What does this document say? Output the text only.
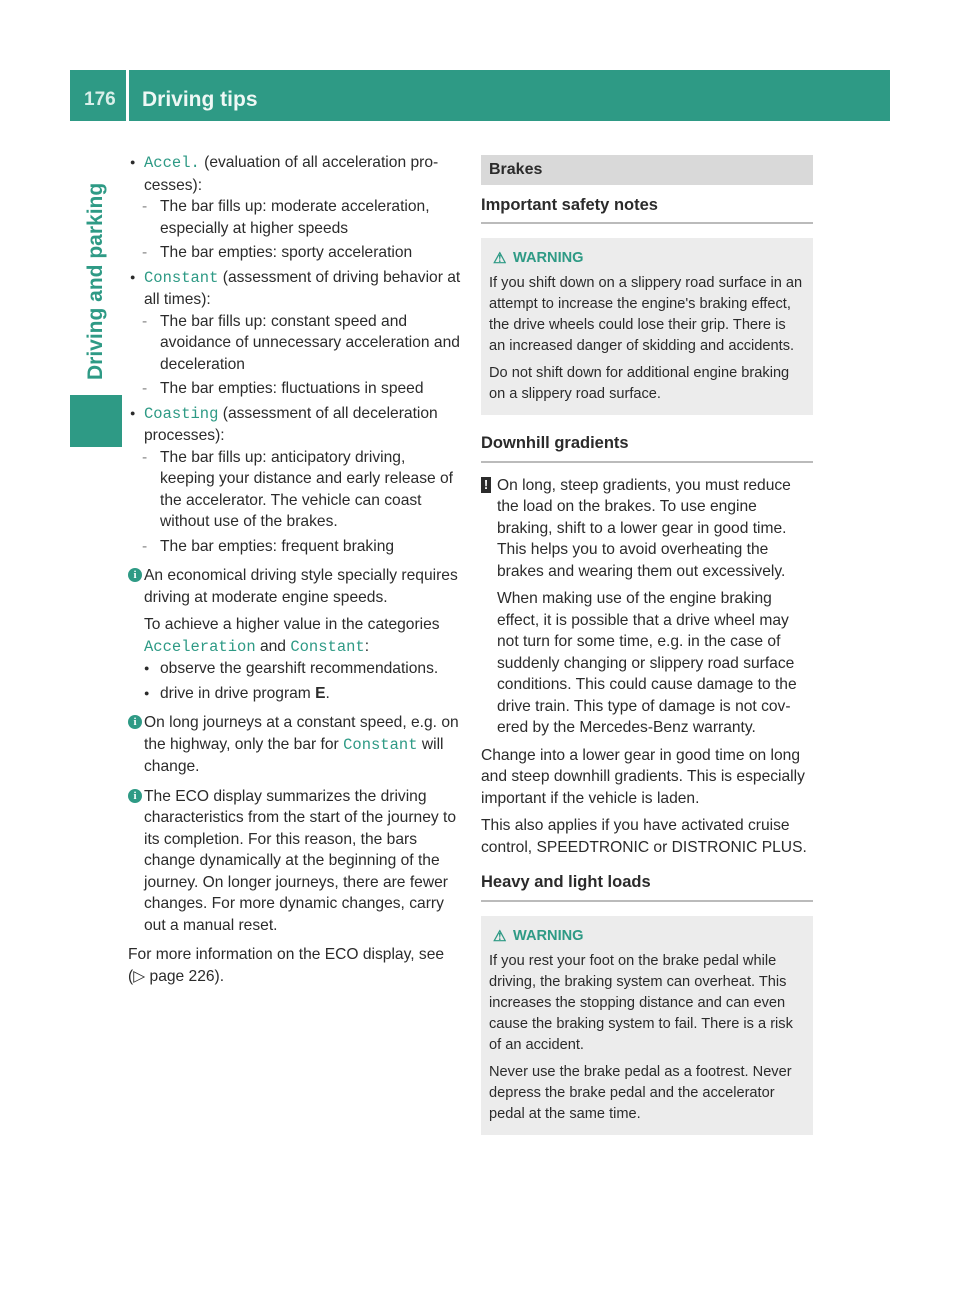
176 Driving tips
Driving and parking
● Accel. (evaluation of all acceleration pro cesses):
- The bar fills up: moderate acceleration, especially at higher speeds
- The bar empties: sporty acceleration
● Constant (assessment of driving behavior at all times):
- The bar fills up: constant speed and avoidance of unnecessary acceleration and deceleration
- The bar empties: fluctuations in speed
● Coasting (assessment of all deceleration processes):
- The bar fills up: anticipatory driving, keeping your distance and early release of the accelerator. The vehicle can coast without use of the brakes.
- The bar empties: frequent braking
i An economical driving style specially requires driving at moderate engine speeds.
To achieve a higher value in the categories Acceleration and Constant:
● observe the gearshift recommendations.
● drive in drive program E.
i On long journeys at a constant speed, e.g. on the highway, only the bar for Constant will change.
i The ECO display summarizes the driving characteristics from the start of the journey to its completion. For this reason, the bars change dynamically at the beginning of the journey. On longer journeys, there are fewer changes. For more dynamic changes, carry out a manual reset.
For more information on the ECO display, see (▷ page 226).
Brakes
Important safety notes
⚠ WARNING
If you shift down on a slippery road surface in an attempt to increase the engine's braking effect, the drive wheels could lose their grip. There is an increased danger of skidding and accidents.
Do not shift down for additional engine braking on a slippery road surface.
Downhill gradients
! On long, steep gradients, you must reduce the load on the brakes. To use engine braking, shift to a lower gear in good time. This helps you to avoid overheating the brakes and wearing them out excessively.
When making use of the engine braking effect, it is possible that a drive wheel may not turn for some time, e.g. in the case of suddenly changing or slippery road surface conditions. This could cause damage to the drive train. This type of damage is not covered by the Mercedes-Benz warranty.
Change into a lower gear in good time on long and steep downhill gradients. This is especially important if the vehicle is laden.
This also applies if you have activated cruise control, SPEEDTRONIC or DISTRONIC PLUS.
Heavy and light loads
⚠ WARNING
If you rest your foot on the brake pedal while driving, the braking system can overheat. This increases the stopping distance and can even cause the braking system to fail. There is a risk of an accident.
Never use the brake pedal as a footrest. Never depress the brake pedal and the accelerator pedal at the same time.
